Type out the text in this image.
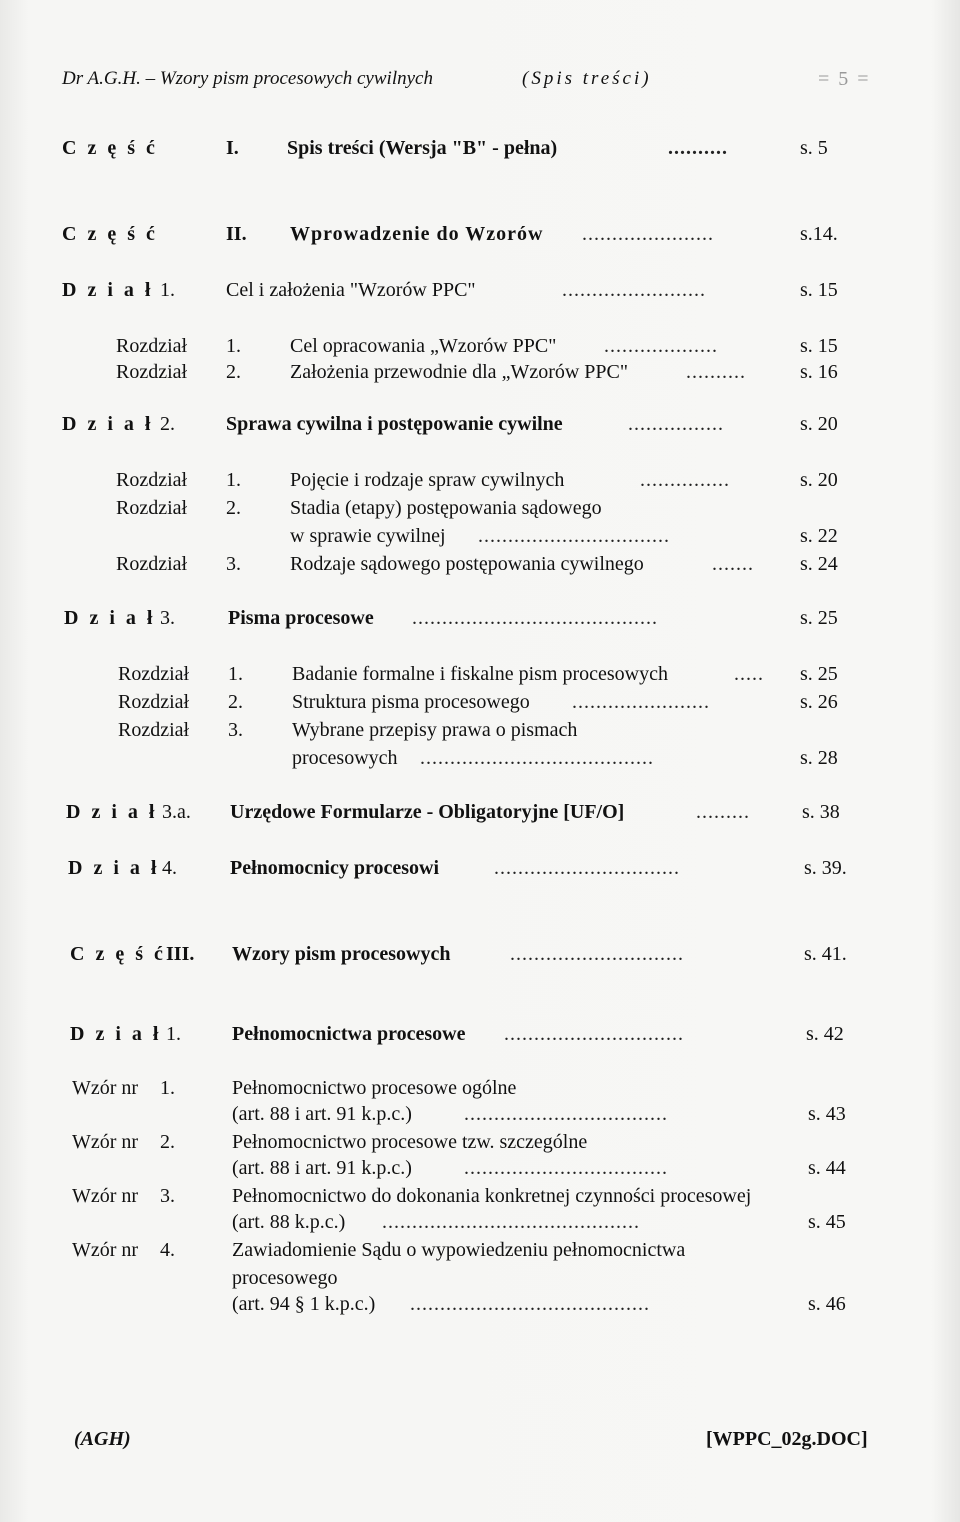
Dr A.G.H. – Wzory pism procesowych cywilnych	(Spis treści)	= 5 =
C z ę ś ć	I. Spis treści (Wersja "B" - pełna)	..........	s. 5
C z ę ś ć	II. Wprowadzenie do Wzorów ......................	s.14.
D z i a ł 1.	Cel i założenia "Wzorów PPC"	........................	s. 15
Rozdział 1. Cel opracowania „Wzorów PPC" ...................	s. 15
Rozdział 2. Założenia przewodnie dla „Wzorów PPC"	..........	s. 16
D z i a ł 2.	Sprawa cywilna i postępowanie cywilne	................	s. 20
Rozdział 1. Pojęcie i rodzaje spraw cywilnych	...............	s. 20
Rozdział 2. Stadia (etapy) postępowania sądowego
w sprawie cywilnej ................................	s. 22
Rozdział 3. Rodzaje sądowego postępowania cywilnego	.......	s. 24
D z i a ł 3.	Pisma procesowe .........................................	s. 25
Rozdział 1. Badanie formalne i fiskalne pism procesowych	.....	s. 25
Rozdział 2. Struktura pisma procesowego .......................	s. 26
Rozdział 3. Wybrane przepisy prawa o pismach
procesowych .......................................	s. 28
D z i a ł 3.a. Urzędowe Formularze - Obligatoryjne [UF/O]	.........	s. 38
D z i a ł 4.	Pełnomocnicy procesowi	...............................	s. 39.
C z ę ś ć III. Wzory pism procesowych	.............................	s. 41.
D z i a ł 1.	Pełnomocnictwa procesowe ..............................	s. 42
Wzór nr 1.	Pełnomocnictwo procesowe ogólne
(art. 88 i art. 91 k.p.c.)	..................................	s. 43
Wzór nr 2.	Pełnomocnictwo procesowe tzw. szczególne
(art. 88 i art. 91 k.p.c.)	..................................	s. 44
Wzór nr 3.	Pełnomocnictwo do dokonania konkretnej czynności procesowej
(art. 88 k.p.c.) ...........................................	s. 45
Wzór nr 4.	Zawiadomienie Sądu o wypowiedzeniu pełnomocnictwa
procesowego
(art. 94 § 1 k.p.c.) ........................................	s. 46
(AGH)	[WPPC_02g.DOC]
